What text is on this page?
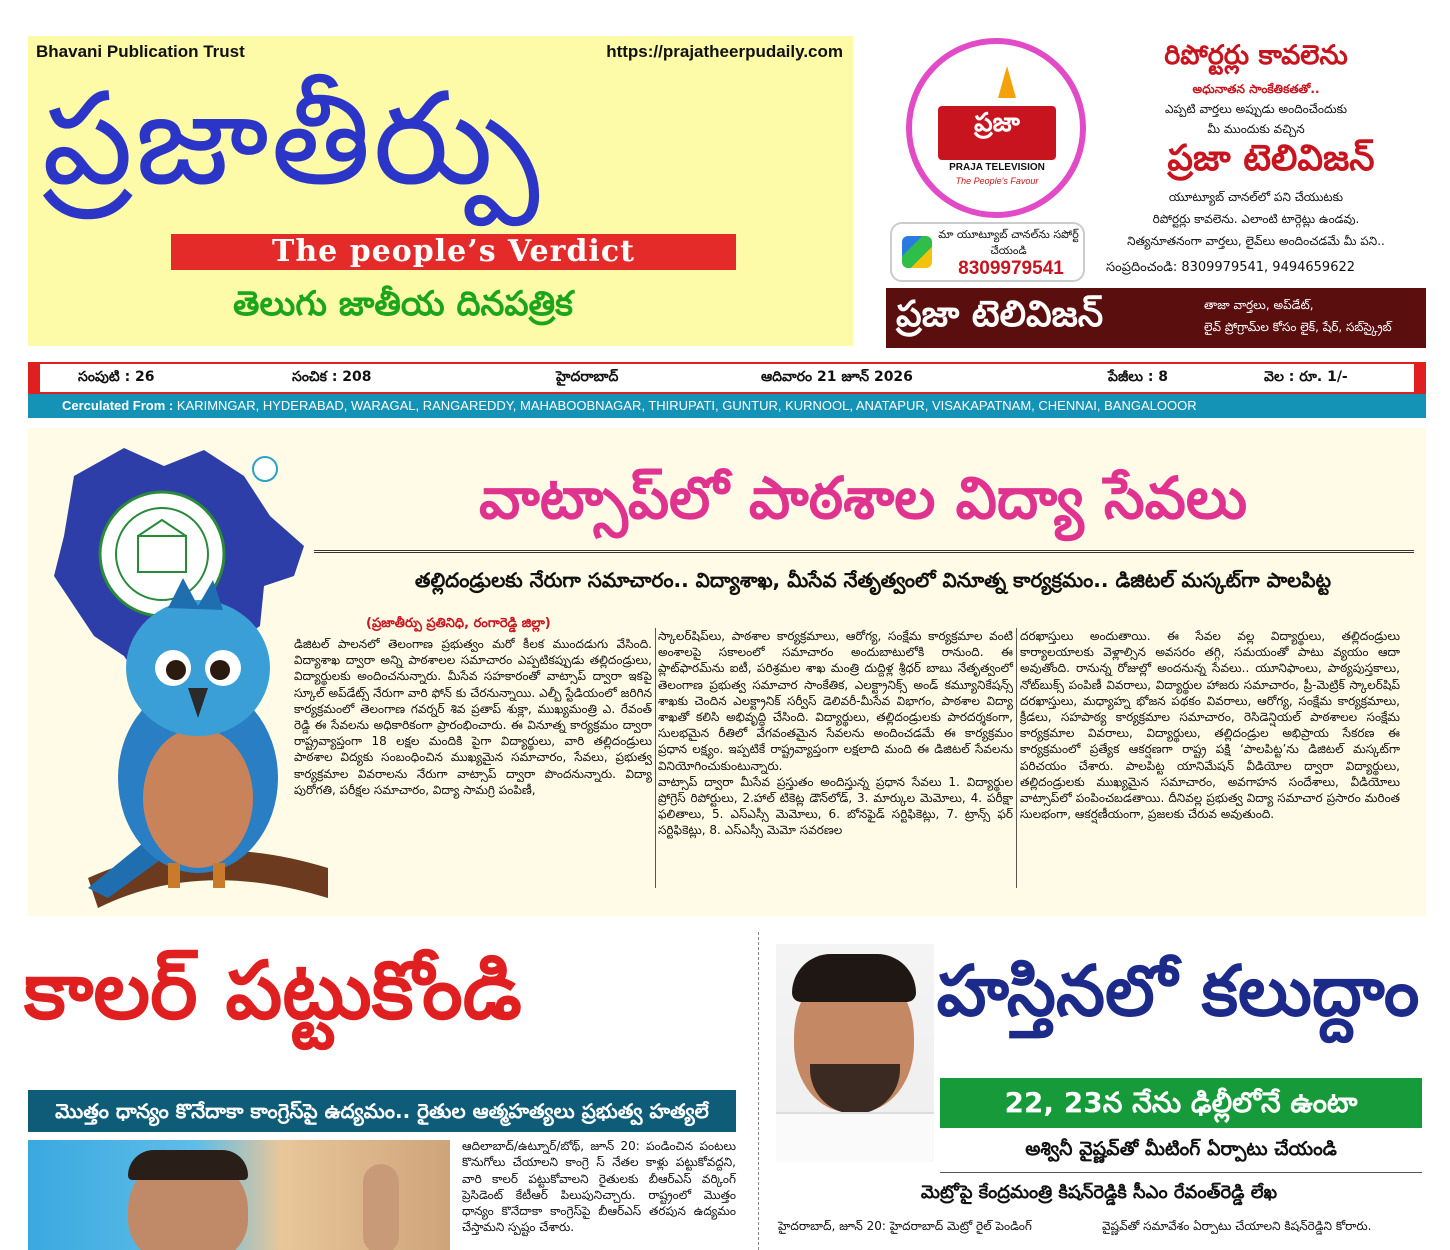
Bhavani Publication Trust	https://prajatheerpudaily.com
ప్రజాతీర్పు
The people’s Verdict
తెలుగు జాతీయ దినపత్రిక
ప్రజా
PRAJA TELEVISION
The People's Favour
రిపోర్టర్లు కావలెను
అధునాతన సాంకేతికతతో..
ఎప్పటి వార్తలు అప్పుడు అందించేందుకు
మీ ముందుకు వచ్చిన
ప్రజా టెలివిజన్
యూట్యూబ్ చానల్‌లో పని చేయుటకు
రిపోర్టర్లు కావలెను. ఎలాంటి టార్గెట్లు ఉండవు.
నిత్యనూతనంగా వార్తలు, లైవ్‌లు అందించడమే మీ పని..
మా యూట్యూబ్ చానల్‌ను సపోర్ట్ చేయండి
8309979541	సంప్రదించండి: 8309979541, 9494659622
ప్రజా టెలివిజన్	తాజా వార్తలు, అప్‌డేట్,
లైవ్ ప్రోగ్రామ్‌ల కోసం లైక్, షేర్, సబ్‌స్క్రైబ్
సంపుటి : 26	సంచిక : 208	హైదరాబాద్	ఆదివారం 21 జూన్ 2026	పేజీలు : 8	వెల : రూ. 1/-
Cerculated From : KARIMNGAR, HYDERABAD, WARAGAL, RANGAREDDY, MAHABOOBNAGAR, THIRUPATI, GUNTUR, KURNOOL, ANATAPUR, VISAKAPATNAM, CHENNAI, BANGALOOOR
వాట్సాప్‌లో పాఠశాల విద్యా సేవలు
తల్లిదండ్రులకు నేరుగా సమాచారం.. విద్యాశాఖ, మీసేవ నేతృత్వంలో వినూత్న కార్యక్రమం.. డిజిటల్ మస్కట్‌గా పాలపిట్ట
(ప్రజాతీర్పు ప్రతినిధి, రంగారెడ్డి జిల్లా)
డిజిటల్ పాలనలో తెలంగాణ ప్రభుత్వం మరో కీలక ముందడుగు వేసింది. విద్యాశాఖ ద్వారా అన్ని పాఠశాలల సమాచారం ఎప్పటికప్పుడు తల్లిదండ్రులు, విద్యార్థులకు అందించనున్నారు. మీసేవ సహకారంతో వాట్సాప్ ద్వారా ఇకపై స్కూల్ అప్‌డేట్స్ నేరుగా వారి ఫోన్ కు చేరనున్నాయి. ఎల్బీ స్టేడియంలో జరిగిన కార్యక్రమంలో తెలంగాణ గవర్నర్ శివ ప్రతాప్ శుక్లా, ముఖ్యమంత్రి ఎ. రేవంత్ రెడ్డి ఈ సేవలను అధికారికంగా ప్రారంభించారు. ఈ వినూత్న కార్యక్రమం ద్వారా రాష్ట్రవ్యాప్తంగా 18 లక్షల మందికి పైగా విద్యార్థులు, వారి తల్లిదండ్రులు పాఠశాల విద్యకు సంబంధించిన ముఖ్యమైన సమాచారం, సేవలు, ప్రభుత్వ కార్యక్రమాల వివరాలను నేరుగా వాట్సాప్ ద్వారా పొందనున్నారు. విద్యా పురోగతి, పరీక్షల సమాచారం, విద్యా సామగ్రి పంపిణీ,
స్కాలర్‌షిప్‌లు, పాఠశాల కార్యక్రమాలు, ఆరోగ్య, సంక్షేమ కార్యక్రమాల వంటి అంశాలపై సకాలంలో సమాచారం అందుబాటులోకి రానుంది. ఈ ప్లాట్‌ఫారమ్‌ను ఐటీ, పరిశ్రమల శాఖ మంత్రి దుద్దిళ్ల శ్రీధర్ బాబు నేతృత్వంలో తెలంగాణ ప్రభుత్వ సమాచార సాంకేతిక, ఎలక్ట్రానిక్స్ అండ్ కమ్యూనికేషన్స్ శాఖకు చెందిన ఎలక్ట్రానిక్ సర్వీస్ డెలివరీ-మీసేవ విభాగం, పాఠశాల విద్యా శాఖతో కలిసి అభివృద్ధి చేసింది. విద్యార్థులు, తల్లిదండ్రులకు పారదర్శకంగా, సులభమైన రీతిలో వేగవంతమైన సేవలను అందించడమే ఈ కార్యక్రమం ప్రధాన లక్ష్యం. ఇప్పటికే రాష్ట్రవ్యాప్తంగా లక్షలాది మంది ఈ డిజిటల్ సేవలను వినియోగించుకుంటున్నారు.
వాట్సాప్ ద్వారా మీసేవ ప్రస్తుతం అందిస్తున్న ప్రధాన సేవలు 1. విద్యార్థుల ప్రోగ్రెస్ రిపోర్టులు, 2.హాల్ టికెట్ల డౌన్‌లోడ్, 3. మార్కుల మెమోలు, 4. పరీక్షా ఫలితాలు, 5. ఎస్ఎస్సీ మెమోలు, 6. బోనఫైడ్ సర్టిఫికెట్లు, 7. ట్రాన్స్ ఫర్ సర్టిఫికెట్లు, 8. ఎస్ఎస్సీ మెమో సవరణల
దరఖాస్తులు అందుతాయి. ఈ సేవల వల్ల విద్యార్థులు, తల్లిదండ్రులు కార్యాలయాలకు వెళ్లాల్సిన అవసరం తగ్గి, సమయంతో పాటు వ్యయం ఆదా అవుతోంది. రానున్న రోజుల్లో అందనున్న సేవలు.. యూనిఫాంలు, పాఠ్యపుస్తకాలు, నోట్‌బుక్స్ పంపిణీ వివరాలు, విద్యార్థుల హాజరు సమాచారం, ప్రీ-మెట్రిక్ స్కాలర్‌షిప్ దరఖాస్తులు, మధ్యాహ్న భోజన పథకం వివరాలు, ఆరోగ్య, సంక్షేమ కార్యక్రమాలు, క్రీడలు, సహపాఠ్య కార్యక్రమాల సమాచారం, రెసిడెన్షియల్ పాఠశాలల సంక్షేమ కార్యక్రమాల వివరాలు, విద్యార్థులు, తల్లిదండ్రుల అభిప్రాయ సేకరణ ఈ కార్యక్రమంలో ప్రత్యేక ఆకర్షణగా రాష్ట్ర పక్షి ‘పాలపిట్ట’ను డిజిటల్ మస్కట్‌గా పరిచయం చేశారు. పాలపిట్ట యానిమేషన్ వీడియోల ద్వారా విద్యార్థులు, తల్లిదండ్రులకు ముఖ్యమైన సమాచారం, అవగాహన సందేశాలు, వీడియోలు వాట్సాప్‌లో పంపించబడతాయి. దీనివల్ల ప్రభుత్వ విద్యా సమాచార ప్రసారం మరింత సులభంగా, ఆకర్షణీయంగా, ప్రజలకు చేరువ అవుతుంది.
కాలర్ పట్టుకోండి
మొత్తం ధాన్యం కొనేదాకా కాంగ్రెస్‌పై ఉద్యమం.. రైతుల ఆత్మహత్యలు ప్రభుత్వ హత్యలే
ఆదిలాబాద్/ఉట్నూర్/బోథ్, జూన్ 20: పండించిన పంటలు కొనుగోలు చేయాలని కాంగ్రె స్ నేతల కాళ్లు పట్టుకోవద్దని, వారి కాలర్ పట్టుకోవాలని రైతులకు బీఆర్ఎస్ వర్కింగ్ ప్రెసిడెంట్ కేటీఆర్ పిలుపునిచ్చారు. రాష్ట్రంలో మొత్తం ధాన్యం కొనేదాకా కాంగ్రెస్‌పై బీఆర్ఎస్ తరపున ఉద్యమం చేస్తామని స్పష్టం చేశారు.
హస్తినలో కలుద్దాం
22, 23న నేను ఢిల్లీలోనే ఉంటా
అశ్వినీ వైష్ణవ్‌తో మీటింగ్ ఏర్పాటు చేయండి
మెట్రోపై కేంద్రమంత్రి కిషన్‌రెడ్డికి సీఎం రేవంత్‌రెడ్డి లేఖ
హైదరాబాద్, జూన్ 20: హైదరాబాద్ మెట్రో రైల్ పెండింగ్	వైష్ణవ్‌తో సమావేశం ఏర్పాటు చేయాలని కిషన్‌రెడ్డిని కోరారు.
